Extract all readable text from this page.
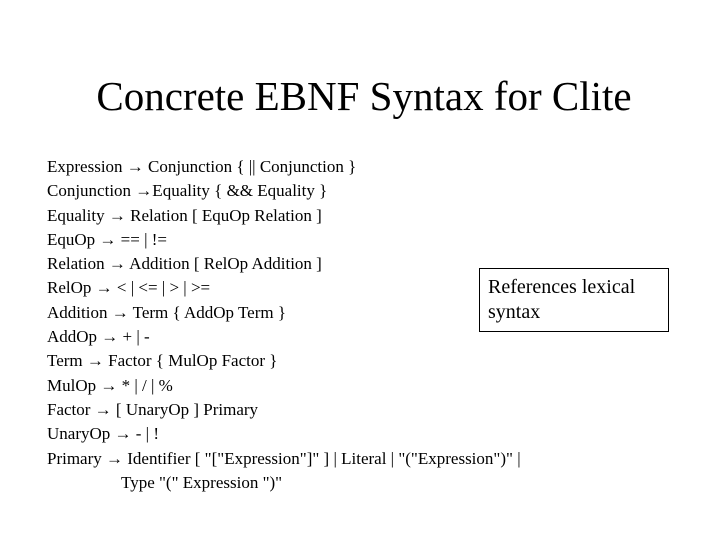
Concrete EBNF Syntax for Clite
Expression → Conjunction { || Conjunction }
Conjunction →Equality { && Equality }
Equality → Relation [ EquOp Relation ]
EquOp → == | !=
Relation → Addition [ RelOp Addition ]
RelOp → < | <= | > | >=
Addition → Term { AddOp Term }
AddOp → + | -
Term → Factor { MulOp Factor }
MulOp → * | / | %
Factor → [ UnaryOp ] Primary
UnaryOp → - | !
Primary → Identifier [ "["Expression"]" ] | Literal | "("Expression")" |
Type "(" Expression ")"
References lexical
syntax
